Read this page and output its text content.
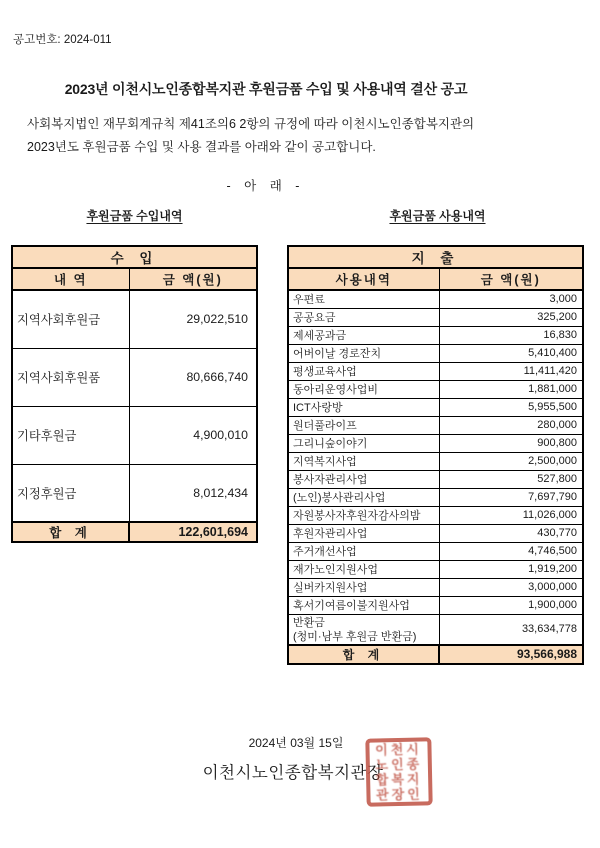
공고번호: 2024-011
2023년 이천시노인종합복지관 후원금품 수입 및 사용내역 결산 공고
사회복지법인 재무회계규칙 제41조의6 2항의 규정에 따라 이천시노인종합복지관의
2023년도 후원금품 수입 및 사용 결과를 아래와 같이 공고합니다.
- 아 래 -
후원금품 수입내역	후원금품 사용내역
수 입	
내 역	금 액(원)
지역사회후원금	29,022,510
지역사회후원품	80,666,740
기타후원금	4,900,010
지정후원금	8,012,434
합 계	122,601,694
지 출	
사용내역	금 액(원)
우편료	3,000
공공요금	325,200
제세공과금	16,830
어버이날 경로잔치	5,410,400
평생교육사업	11,411,420
동아리운영사업비	1,881,000
ICT사랑방	5,955,500
원더풀라이프	280,000
그리니숲이야기	900,800
지역복지사업	2,500,000
봉사자관리사업	527,800
(노인)봉사관리사업	7,697,790
자원봉사자후원자감사의밤	11,026,000
후원자관리사업	430,770
주거개선사업	4,746,500
재가노인지원사업	1,919,200
실버카지원사업	3,000,000
혹서기여름이불지원사업	1,900,000

반환금
(청미·남부 후원금 반환금)	33,634,778
합 계	93,566,988
2024년 03월 15일
이천시노인종합복지관장
이천시노인종합복지관장인
